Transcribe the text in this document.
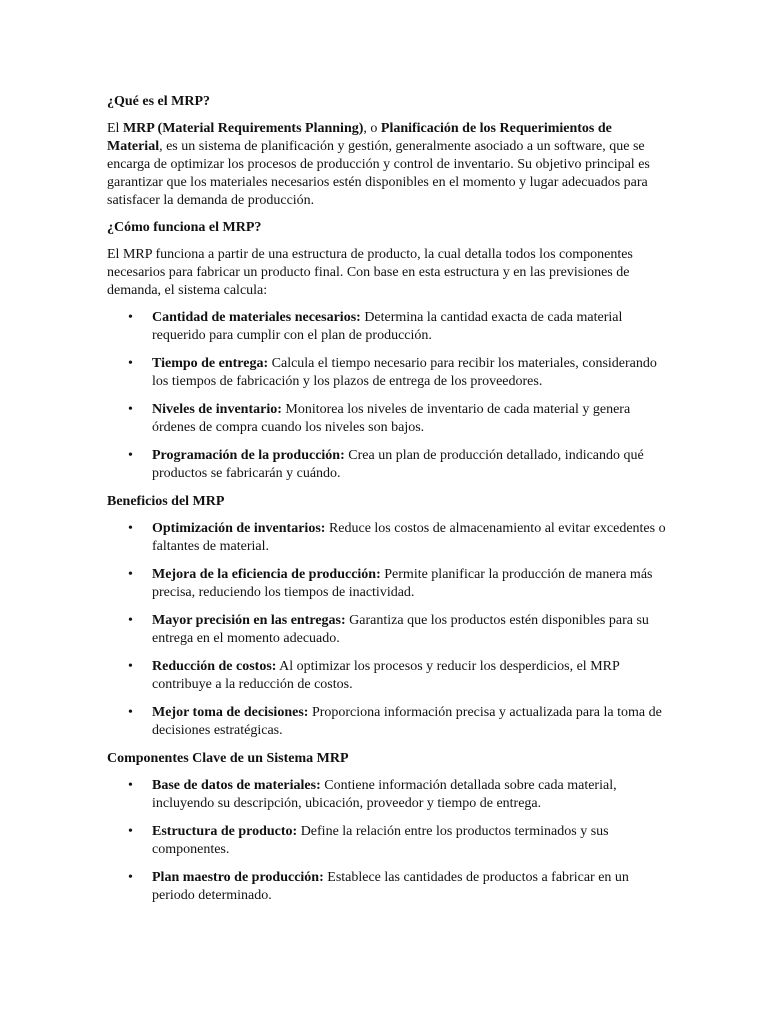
¿Qué es el MRP?

El MRP (Material Requirements Planning), o Planificación de los Requerimientos de Material, es un sistema de planificación y gestión, generalmente asociado a un software, que se encarga de optimizar los procesos de producción y control de inventario. Su objetivo principal es garantizar que los materiales necesarios estén disponibles en el momento y lugar adecuados para satisfacer la demanda de producción.

¿Cómo funciona el MRP?

El MRP funciona a partir de una estructura de producto, la cual detalla todos los componentes necesarios para fabricar un producto final. Con base en esta estructura y en las previsiones de demanda, el sistema calcula:

• Cantidad de materiales necesarios: Determina la cantidad exacta de cada material requerido para cumplir con el plan de producción.
• Tiempo de entrega: Calcula el tiempo necesario para recibir los materiales, considerando los tiempos de fabricación y los plazos de entrega de los proveedores.
• Niveles de inventario: Monitorea los niveles de inventario de cada material y genera órdenes de compra cuando los niveles son bajos.
• Programación de la producción: Crea un plan de producción detallado, indicando qué productos se fabricarán y cuándo.
Beneficios del MRP
• Optimización de inventarios: Reduce los costos de almacenamiento al evitar excedentes o faltantes de material.
• Mejora de la eficiencia de producción: Permite planificar la producción de manera más precisa, reduciendo los tiempos de inactividad.
• Mayor precisión en las entregas: Garantiza que los productos estén disponibles para su entrega en el momento adecuado.
• Reducción de costos: Al optimizar los procesos y reducir los desperdicios, el MRP contribuye a la reducción de costos.
• Mejor toma de decisiones: Proporciona información precisa y actualizada para la toma de decisiones estratégicas.
Componentes Clave de un Sistema MRP
• Base de datos de materiales: Contiene información detallada sobre cada material, incluyendo su descripción, ubicación, proveedor y tiempo de entrega.
• Estructura de producto: Define la relación entre los productos terminados y sus componentes.
• Plan maestro de producción: Establece las cantidades de productos a fabricar en un periodo determinado.
